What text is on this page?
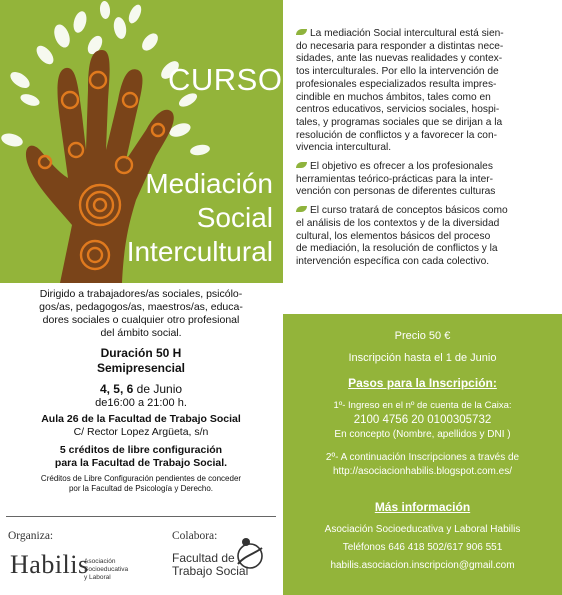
CURSO
Mediación
Social
Intercultural
Dirigido a trabajadores/as sociales, psicólo-
gos/as, pedagogos/as, maestros/as, educa-
dores sociales o cualquier otro profesional
del ámbito social.
Duración 50 H
Semipresencial
4, 5, 6 de Junio
de16:00 a 21:00 h.
Aula 26 de la Facultad de Trabajo Social
C/ Rector Lopez Argüeta, s/n
5 créditos de libre configuración
para la Facultad de Trabajo Social.
Créditos de Libre Configuración pendientes de conceder
por la Facultad de Psicología y Derecho.
Organiza:	Colabora:
Habilis
Asociación
Socioeducativa
y Laboral
Facultad de
Trabajo Social
La mediación Social intercultural está sien-
do necesaria para responder a distintas nece-
sidades, ante las nuevas realidades y contex-
tos interculturales. Por ello la intervención de
profesionales especializados resulta impres-
cindible en muchos ámbitos, tales como en
centros educativos, servicios sociales, hospi-
tales, y programas sociales que se dirijan a la
resolución de conflictos y a favorecer la con-
vivencia intercultural.
El objetivo es ofrecer a los profesionales
herramientas teórico-prácticas para la inter-
vención con personas de diferentes culturas
El curso tratará de conceptos básicos como
el análisis de los contextos y de la diversidad
cultural, los elementos básicos del proceso
de mediación, la resolución de conflictos y la
intervención específica con cada colectivo.
Precio 50 €
Inscripción hasta el 1 de Junio
Pasos para la Inscripción:
1º- Ingreso en el nº de cuenta de la Caixa:
2100 4756 20 0100305732
En concepto (Nombre, apellidos y DNI )
2º- A continuación Inscripciones a través de
http://asociacionhabilis.blogspot.com.es/
Más información
Asociación Socioeducativa y Laboral Habilis
Teléfonos 646 418 502/617 906 551
habilis.asociacion.inscripcion@gmail.com
